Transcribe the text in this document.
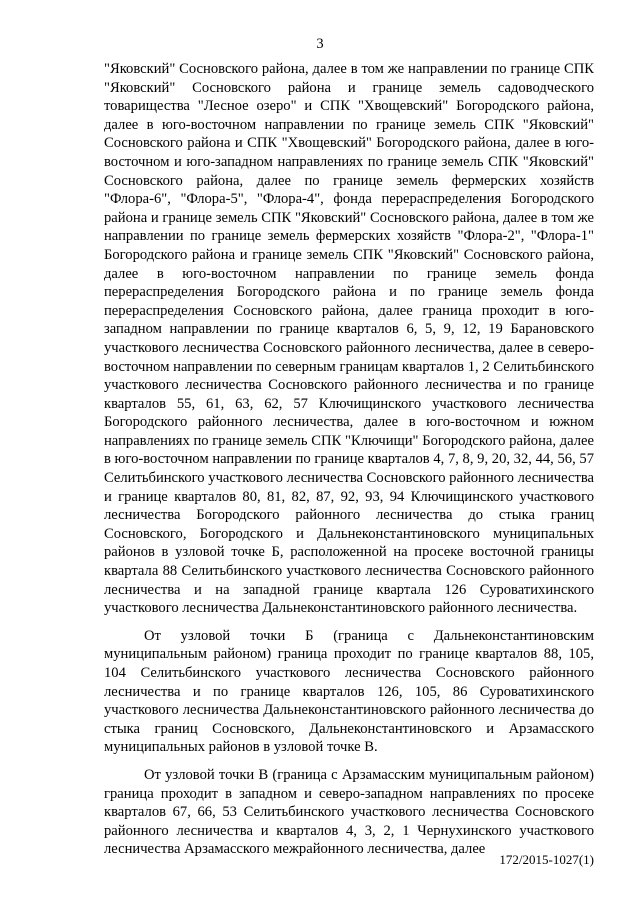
3

"Яковский" Сосновского района, далее в том же направлении по границе СПК "Яковский" Сосновского района и границе земель садоводческого товарищества "Лесное озеро" и СПК "Хвощевский" Богородского района, далее в юго-восточном направлении по границе земель СПК "Яковский" Сосновского района и СПК "Хвощевский" Богородского района, далее в юго-восточном и юго-западном направлениях по границе земель СПК "Яковский" Сосновского района, далее по границе земель фермерских хозяйств "Флора-6", "Флора-5", "Флора-4", фонда перераспределения Богородского района и границе земель СПК "Яковский" Сосновского района, далее в том же направлении по границе земель фермерских хозяйств "Флора-2", "Флора-1" Богородского района и границе земель СПК "Яковский" Сосновского района, далее в юго-восточном направлении по границе земель фонда перераспределения Богородского района и по границе земель фонда перераспределения Сосновского района, далее граница проходит в юго-западном направлении по границе кварталов 6, 5, 9, 12, 19 Барановского участкового лесничества Сосновского районного лесничества, далее в северо-восточном направлении по северным границам кварталов 1, 2 Селитьбинского участкового лесничества Сосновского районного лесничества и по границе кварталов 55, 61, 63, 62, 57 Ключищинского участкового лесничества Богородского районного лесничества, далее в юго-восточном и южном направлениях по границе земель СПК "Ключищи" Богородского района, далее в юго-восточном направлении по границе кварталов 4, 7, 8, 9, 20, 32, 44, 56, 57 Селитьбинского участкового лесничества Сосновского районного лесничества и границе кварталов 80, 81, 82, 87, 92, 93, 94 Ключищинского участкового лесничества Богородского районного лесничества до стыка границ Сосновского, Богородского и Дальнеконстантиновского муниципальных районов в узловой точке Б, расположенной на просеке восточной границы квартала 88 Селитьбинского участкового лесничества Сосновского районного лесничества и на западной границе квартала 126 Суроватихинского участкового лесничества Дальнеконстантиновского районного лесничества.

От узловой точки Б (граница с Дальнеконстантиновским муниципальным районом) граница проходит по границе кварталов 88, 105, 104 Селитьбинского участкового лесничества Сосновского районного лесничества и по границе кварталов 126, 105, 86 Суроватихинского участкового лесничества Дальнеконстантиновского районного лесничества до стыка границ Сосновского, Дальнеконстантиновского и Арзамасского муниципальных районов в узловой точке В.

От узловой точки В (граница с Арзамасским муниципальным районом) граница проходит в западном и северо-западном направлениях по просеке кварталов 67, 66, 53 Селитьбинского участкового лесничества Сосновского районного лесничества и кварталов 4, 3, 2, 1 Чернухинского участкового лесничества Арзамасского межрайонного лесничества, далее

172/2015-1027(1)
